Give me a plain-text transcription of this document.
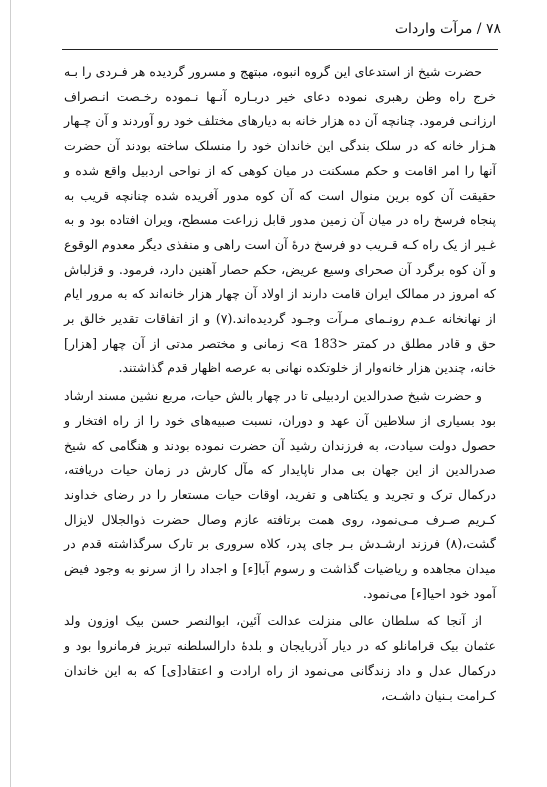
۷۸ / مرآت واردات

حضرت شیخ از استدعای این گروه انبوه، مبتهج و مسرور گردیده هر فـردی را بـه خرج راه وطن رهبری نموده دعای خیر دربـاره آنـها نـموده رخـصت انـصراف ارزانـی فرمود. چنانچه آن ده هزار خانه به دیارهای مختلف خود رو آوردند و آن چـهار هـزار خانه که در سلک بندگی این خاندان خود را منسلک ساخته بودند آن حضرت آنها را امر اقامت و حکم مسکنت در میان کوهی که از نواحی اردبیل واقع شده و حقیقت آن کوه برین منوال است که آن کوه مدور آفریده شده چنانچه قریب به پنجاه فرسخ راه در میان آن زمین مدور قابل زراعت مسطح، ویران افتاده بود و به غـیر از یک راه کـه قـریب دو فرسخ درهٔ آن است راهی و منفذی دیگر معدوم الوقوع و آن کوه برگرد آن صحرای وسیع عریض، حکم حصار آهنین دارد، فرمود. و قزلباش که امروز در ممالک ایران قامت دارند از اولاد آن چهار هزار خانه‌اند که به مرور ایام از نهانخانه عـدم رونـمای مـرآت وجـود گردیده‌اند.(۷) و از اتفاقات تقدیر خالق بر حق و قادر مطلق در کمتر <a 183> زمانی و مختصر مدتی از آن چهار [هزار] خانه، چندین هزار خانه‌وار از خلوتکده نهانی به عرصه اظهار قدم گذاشتند.

و حضرت شیخ صدرالدین اردبیلی تا در چهار بالش حیات، مربع نشین مسند ارشاد بود بسیاری از سلاطین آن عهد و دوران، نسبت صبیه‌های خود را از راه افتخار و حصول دولت سیادت، به فرزندان رشید آن حضرت نموده بودند و هنگامی که شیخ صدرالدین از این جهان بی مدار ناپایدار که مآل کارش در زمان حیات دریافته، درکمال ترک و تجرید و یکتاهی و تفرید، اوقات حیات مستعار را در رضای خداوند کـریم صـرف مـی‌نمود، روی همت برتافته عازم وصال حضرت ذوالجلال لایزال گشت،(۸) فرزند ارشـدش بـر جای پدر، کلاه سروری بر تارک سرگذاشته قدم در میدان مجاهده و ریاضیات گذاشت و رسوم آبا[ء] و اجداد را از سرنو به وجود فیض آمود خود احیا[ء] می‌نمود.

از آنجا که سلطان عالی منزلت عدالت آئین، ابوالنصر حسن بیک اوزون ولد عثمان بیک قرامانلو که در دیار آذربایجان و بلدهٔ دارالسلطنه تبریز فرمانروا بود و درکمال عدل و داد زندگانی می‌نمود از راه ارادت و اعتقاد[ی] که به این خاندان کـرامت بـنیان داشـت،
